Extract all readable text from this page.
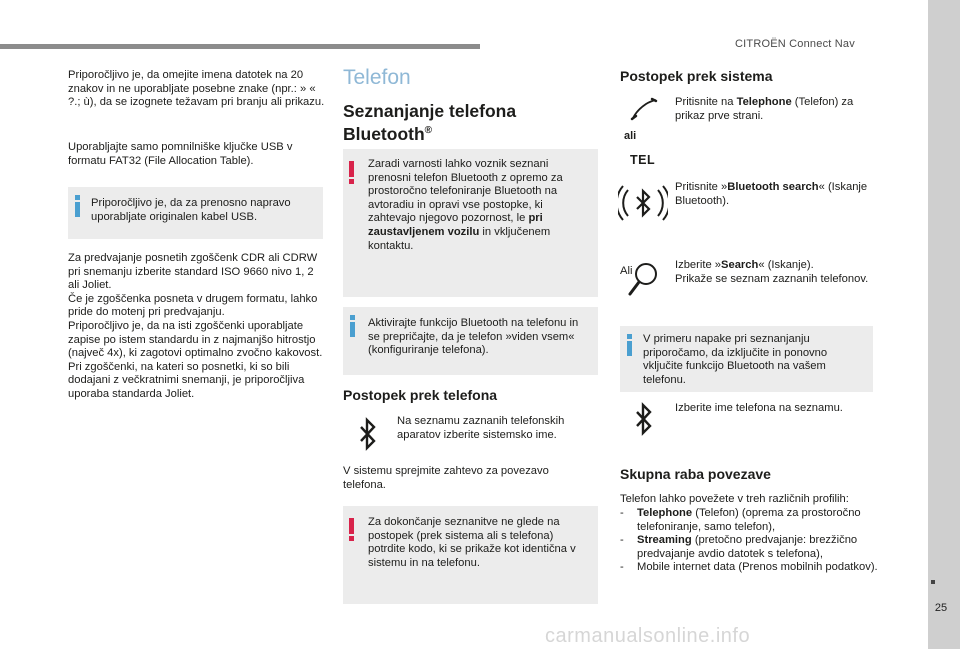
CITROËN Connect Nav
25
carmanualsonline.info

Priporočljivo je, da omejite imena datotek na 20 znakov in ne uporabljate posebne znake (npr.: » « ?.; ù), da se izognete težavam pri branju ali prikazu.

Uporabljajte samo pomnilniške ključke USB v formatu FAT32 (File Allocation Table).

Priporočljivo je, da za prenosno napravo uporabljate originalen kabel USB.

Za predvajanje posnetih zgoščenk CDR ali CDRW pri snemanju izberite standard ISO 9660 nivo 1, 2 ali Joliet.

Če je zgoščenka posneta v drugem formatu, lahko pride do motenj pri predvajanju.

Priporočljivo je, da na isti zgoščenki uporabljate zapise po istem standardu in z najmanjšo hitrostjo (največ 4x), ki zagotovi optimalno zvočno kakovost.

Pri zgoščenki, na kateri so posnetki, ki so bili dodajani z večkratnimi snemanji, je priporočljiva uporaba standarda Joliet.

Telefon
Seznanjanje telefona Bluetooth®

Zaradi varnosti lahko voznik seznani prenosni telefon Bluetooth z opremo za prostoročno telefoniranje Bluetooth na avtoradiu in opravi vse postopke, ki zahtevajo njegovo pozornost, le pri zaustavljenem vozilu in vključenem kontaktu.

Aktivirajte funkcijo Bluetooth na telefonu in se prepričajte, da je telefon »viden vsem« (konfiguriranje telefona).

Postopek prek telefona

Na seznamu zaznanih telefonskih aparatov izberite sistemsko ime.

V sistemu sprejmite zahtevo za povezavo telefona.

Za dokončanje seznanitve ne glede na postopek (prek sistema ali s telefona) potrdite kodo, ki se prikaže kot identična v sistemu in na telefonu.

Postopek prek sistema

Pritisnite na Telephone (Telefon) za prikaz prve strani.

ali
TEL

Pritisnite »Bluetooth search« (Iskanje Bluetooth).

Ali	Izberite »Search« (Iskanje).

Prikaže se seznam zaznanih telefonov.

V primeru napake pri seznanjanju priporočamo, da izključite in ponovno vključite funkcijo Bluetooth na vašem telefonu.

Izberite ime telefona na seznamu.

Skupna raba povezave

Telefon lahko povežete v treh različnih profilih:

- Telephone (Telefon) (oprema za prostoročno telefoniranje, samo telefon),
- Streaming (pretočno predvajanje: brezžično predvajanje avdio datotek s telefona),
- Mobile internet data (Prenos mobilnih podatkov).
